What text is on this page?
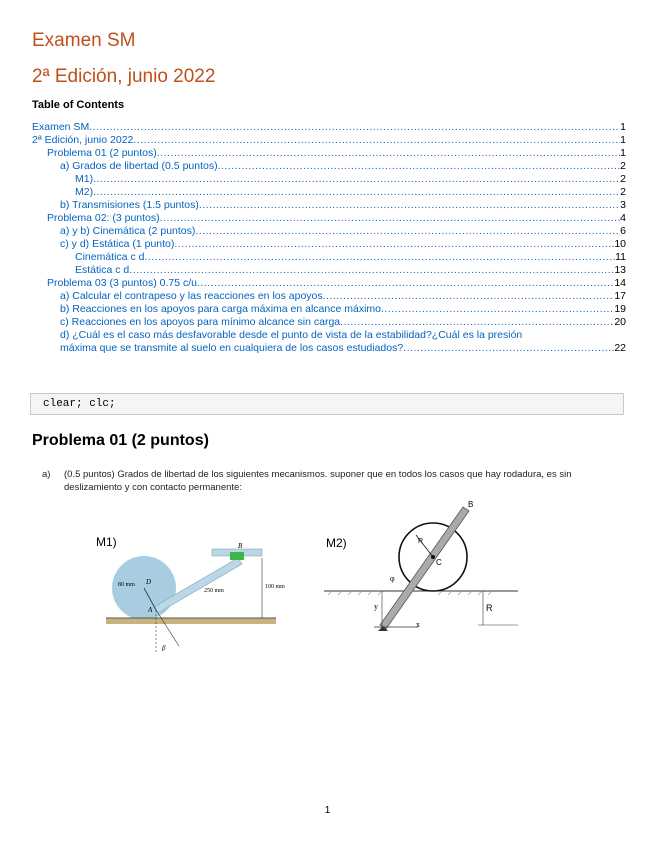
Examen SM
2ª Edición, junio 2022
Table of Contents
Examen SM .....	1
2ª Edición, junio 2022 .....	1
Problema 01 (2 puntos) .....	1
a) Grados de libertad (0.5 puntos) .....	2
M1) .....	2
M2) .....	2
b) Transmisiones (1.5 puntos) .....	3
Problema 02: (3 puntos) .....	4
a) y b) Cinemática (2 puntos) .....	6
c) y d) Estática (1 punto) .....	10
Cinemática c d .....	11
Estática c d .....	13
Problema 03 (3 puntos) 0.75 c/u .....	14
a) Calcular el contrapeso y las reacciones en los apoyos .....	17
b) Reacciones en los apoyos para carga máxima en alcance máximo .....	19
c) Reacciones en los apoyos para mínimo alcance sin carga .....	20
d) ¿Cuál es el caso más desfavorable desde el punto de vista de la estabilidad?¿Cuál es la presión
máxima que se transmite al suelo en cualquiera de los casos estudiados? .....	22
clear; clc;
Problema 01 (2 puntos)
a)	(0.5 puntos) Grados de libertad de los siguientes mecanismos. suponer que en todos los casos que hay rodadura, es sin deslizamiento y con contacto permanente:
M1)
80 mm
250 mm
100 mm
D
A
B
β
M2)
B
C
R
R
φ
y
x
1
